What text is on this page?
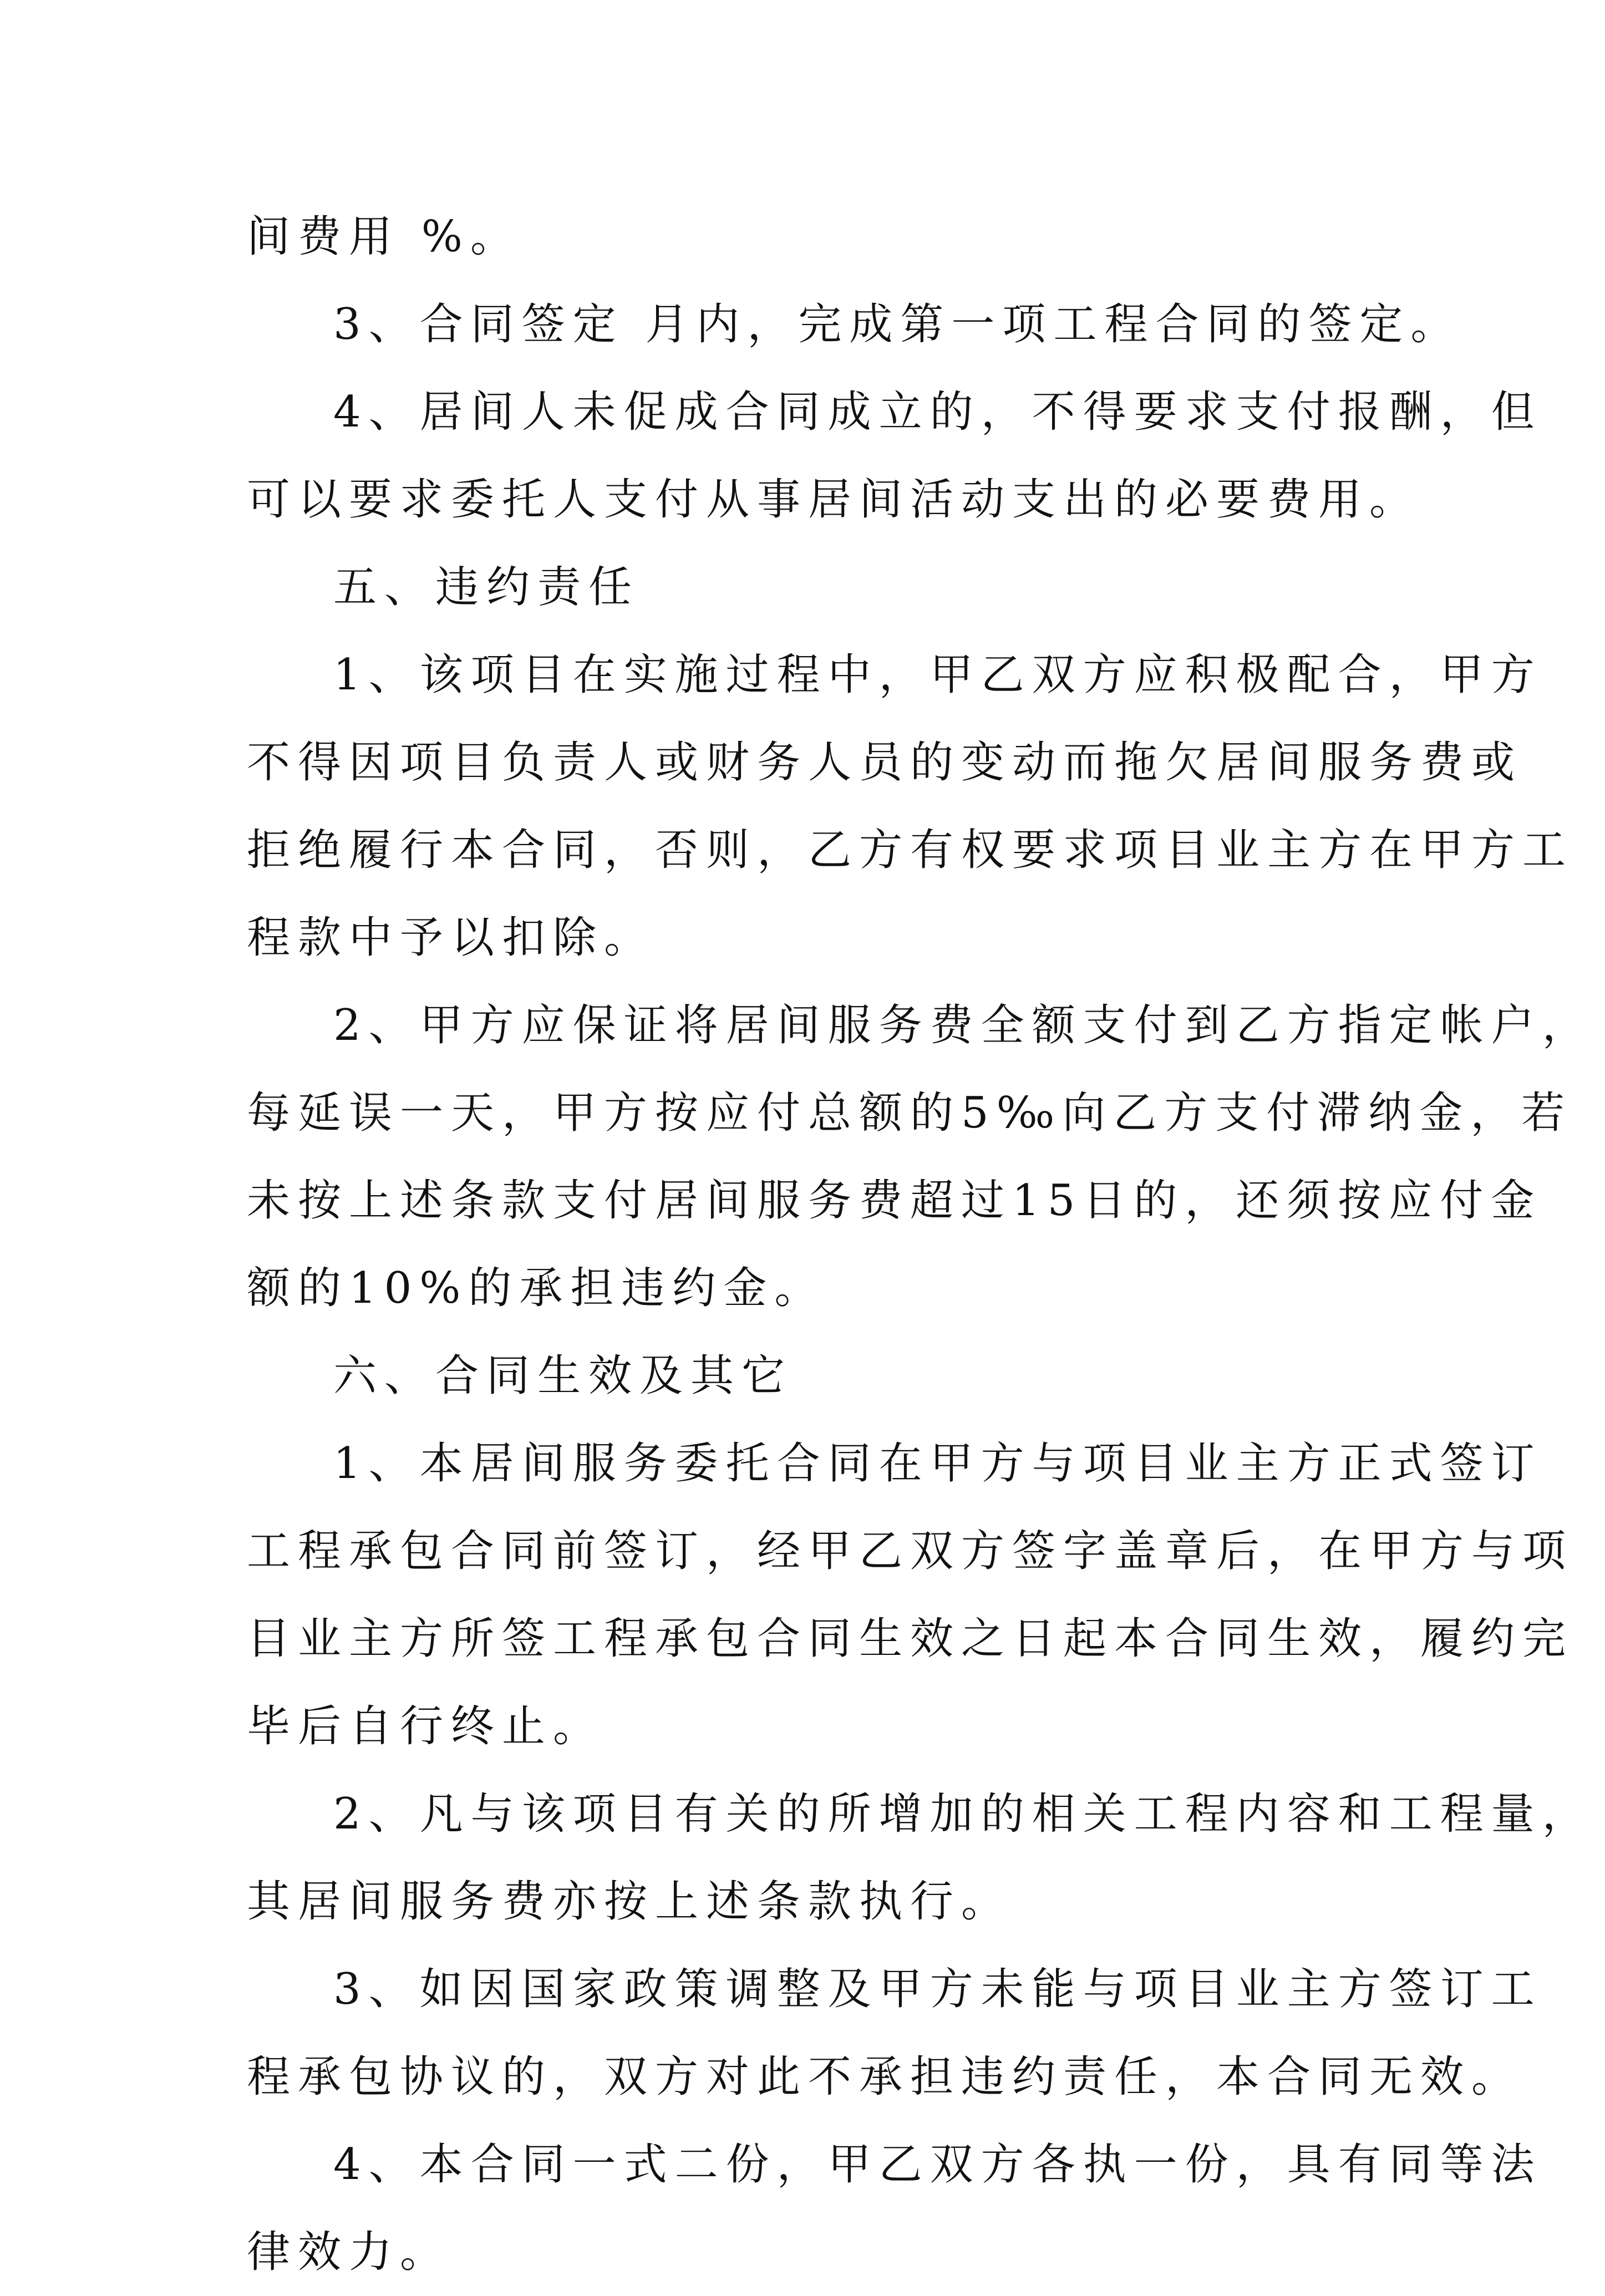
间费用 %。
3、合同签定 月内，完成第一项工程合同的签定。
4、居间人未促成合同成立的，不得要求支付报酬，但
可以要求委托人支付从事居间活动支出的必要费用。
五、违约责任
1、该项目在实施过程中，甲乙双方应积极配合，甲方
不得因项目负责人或财务人员的变动而拖欠居间服务费或
拒绝履行本合同，否则，乙方有权要求项目业主方在甲方工
程款中予以扣除。
2、甲方应保证将居间服务费全额支付到乙方指定帐户，
每延误一天，甲方按应付总额的5‰向乙方支付滞纳金，若
未按上述条款支付居间服务费超过15日的，还须按应付金
额的10%的承担违约金。
六、合同生效及其它
1、本居间服务委托合同在甲方与项目业主方正式签订
工程承包合同前签订，经甲乙双方签字盖章后，在甲方与项
目业主方所签工程承包合同生效之日起本合同生效，履约完
毕后自行终止。
2、凡与该项目有关的所增加的相关工程内容和工程量，
其居间服务费亦按上述条款执行。
3、如因国家政策调整及甲方未能与项目业主方签订工
程承包协议的，双方对此不承担违约责任，本合同无效。
4、本合同一式二份，甲乙双方各执一份，具有同等法
律效力。
